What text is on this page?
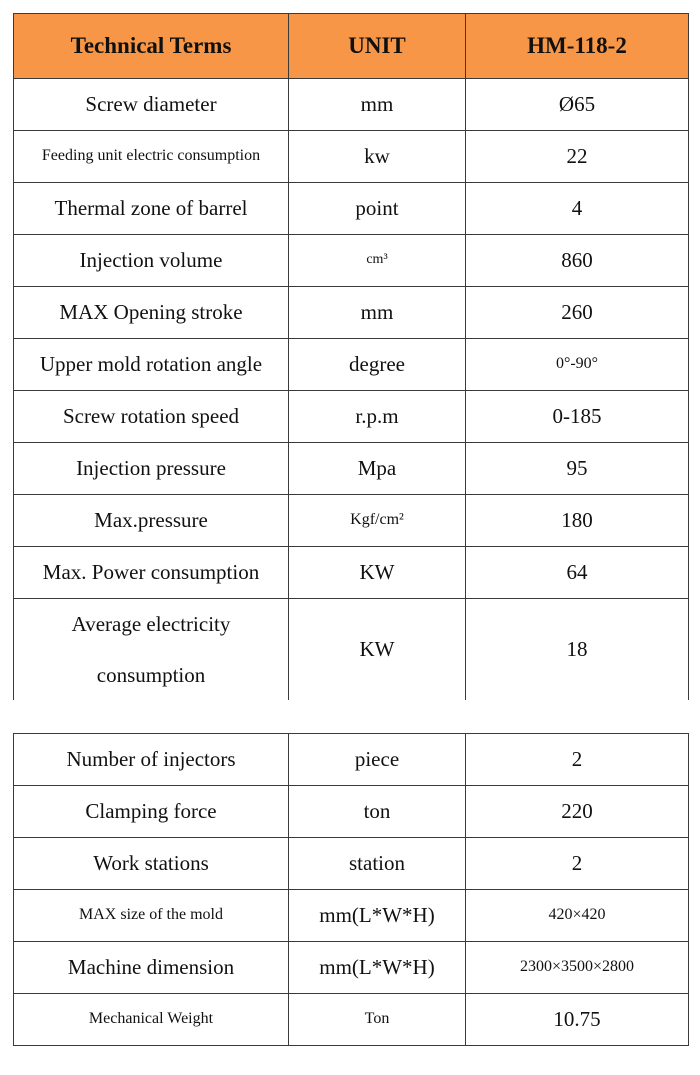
Technical Terms	UNIT	HM-118-2
Screw diameter	mm	Ø65
Feeding unit electric consumption	kw	22
Thermal zone of barrel	point	4
Injection volume	cm³	860
MAX Opening stroke	mm	260
Upper mold rotation angle	degree	0°-90°
Screw rotation speed	r.p.m	0-185
Injection pressure	Mpa	95
Max.pressure	Kgf/cm²	180
Max. Power consumption	KW	64
Average electricity consumption	KW	18
Number of injectors	piece	2
Clamping force	ton	220
Work stations	station	2
MAX size of the mold	mm(L*W*H)	420×420
Machine dimension	mm(L*W*H)	2300×3500×2800
Mechanical Weight	Ton	10.75
